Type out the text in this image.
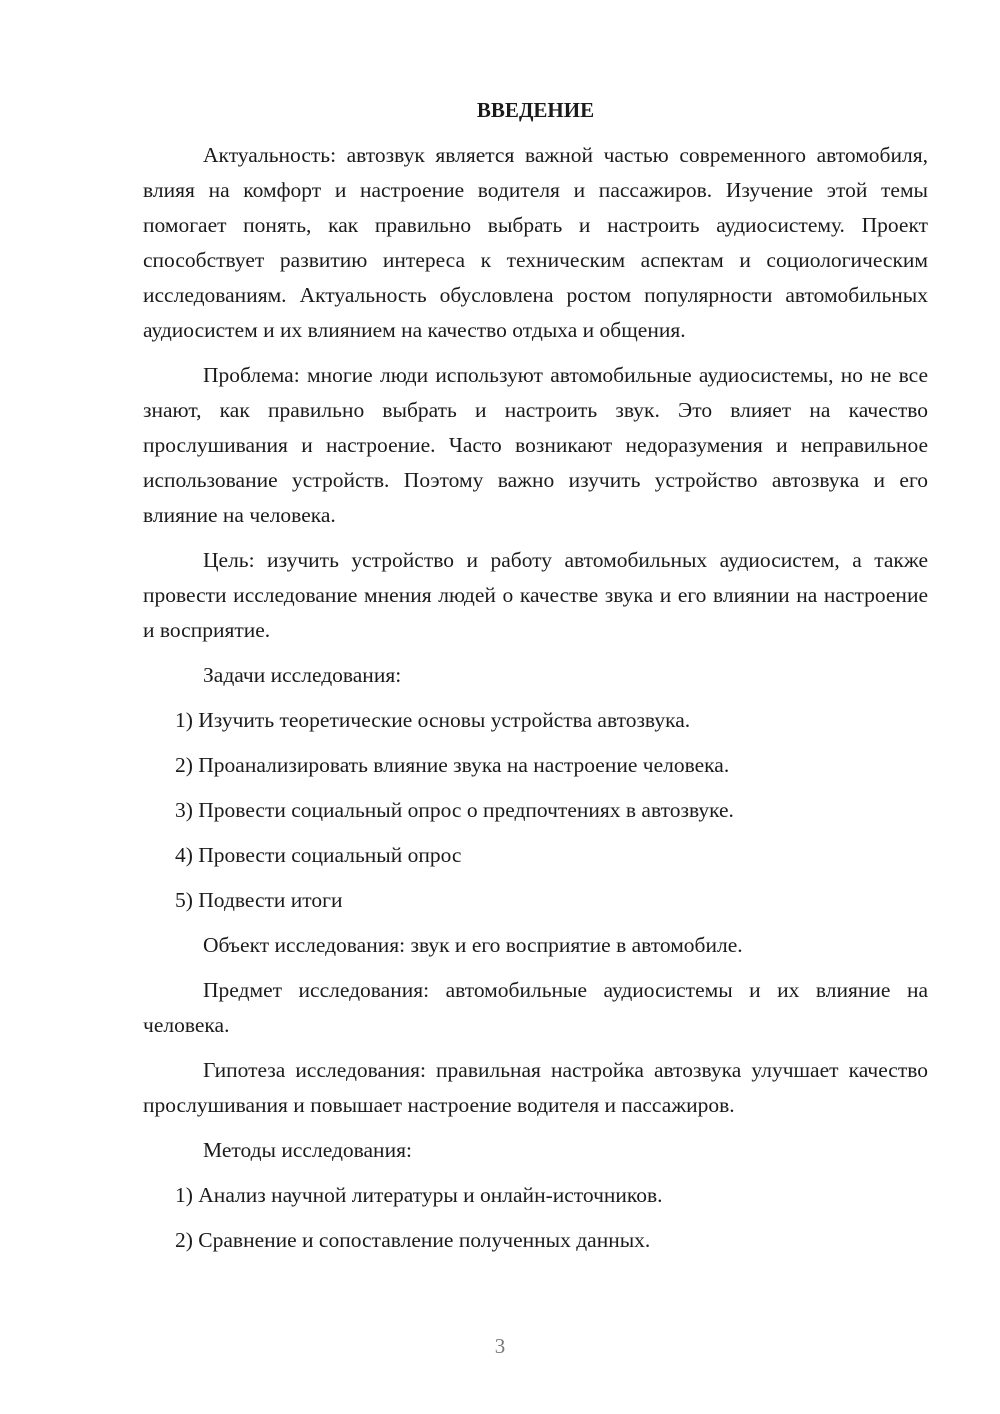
ВВЕДЕНИЕ

Актуальность: автозвук является важной частью современного автомобиля, влияя на комфорт и настроение водителя и пассажиров. Изучение этой темы помогает понять, как правильно выбрать и настроить аудиосистему. Проект способствует развитию интереса к техническим аспектам и социологическим исследованиям. Актуальность обусловлена ростом популярности автомобильных аудиосистем и их влиянием на качество отдыха и общения.

Проблема: многие люди используют автомобильные аудиосистемы, но не все знают, как правильно выбрать и настроить звук. Это влияет на качество прослушивания и настроение. Часто возникают недоразумения и неправильное использование устройств. Поэтому важно изучить устройство автозвука и его влияние на человека.

Цель: изучить устройство и работу автомобильных аудиосистем, а также провести исследование мнения людей о качестве звука и его влиянии на настроение и восприятие.

Задачи исследования:

1) Изучить теоретические основы устройства автозвука.
2) Проанализировать влияние звука на настроение человека.
3) Провести социальный опрос о предпочтениях в автозвуке.
4) Провести социальный опрос
5) Подвести итоги

Объект исследования: звук и его восприятие в автомобиле.

Предмет исследования: автомобильные аудиосистемы и их влияние на человека.

Гипотеза исследования: правильная настройка автозвука улучшает качество прослушивания и повышает настроение водителя и пассажиров.

Методы исследования:

1) Анализ научной литературы и онлайн-источников.
2) Сравнение и сопоставление полученных данных.
3
